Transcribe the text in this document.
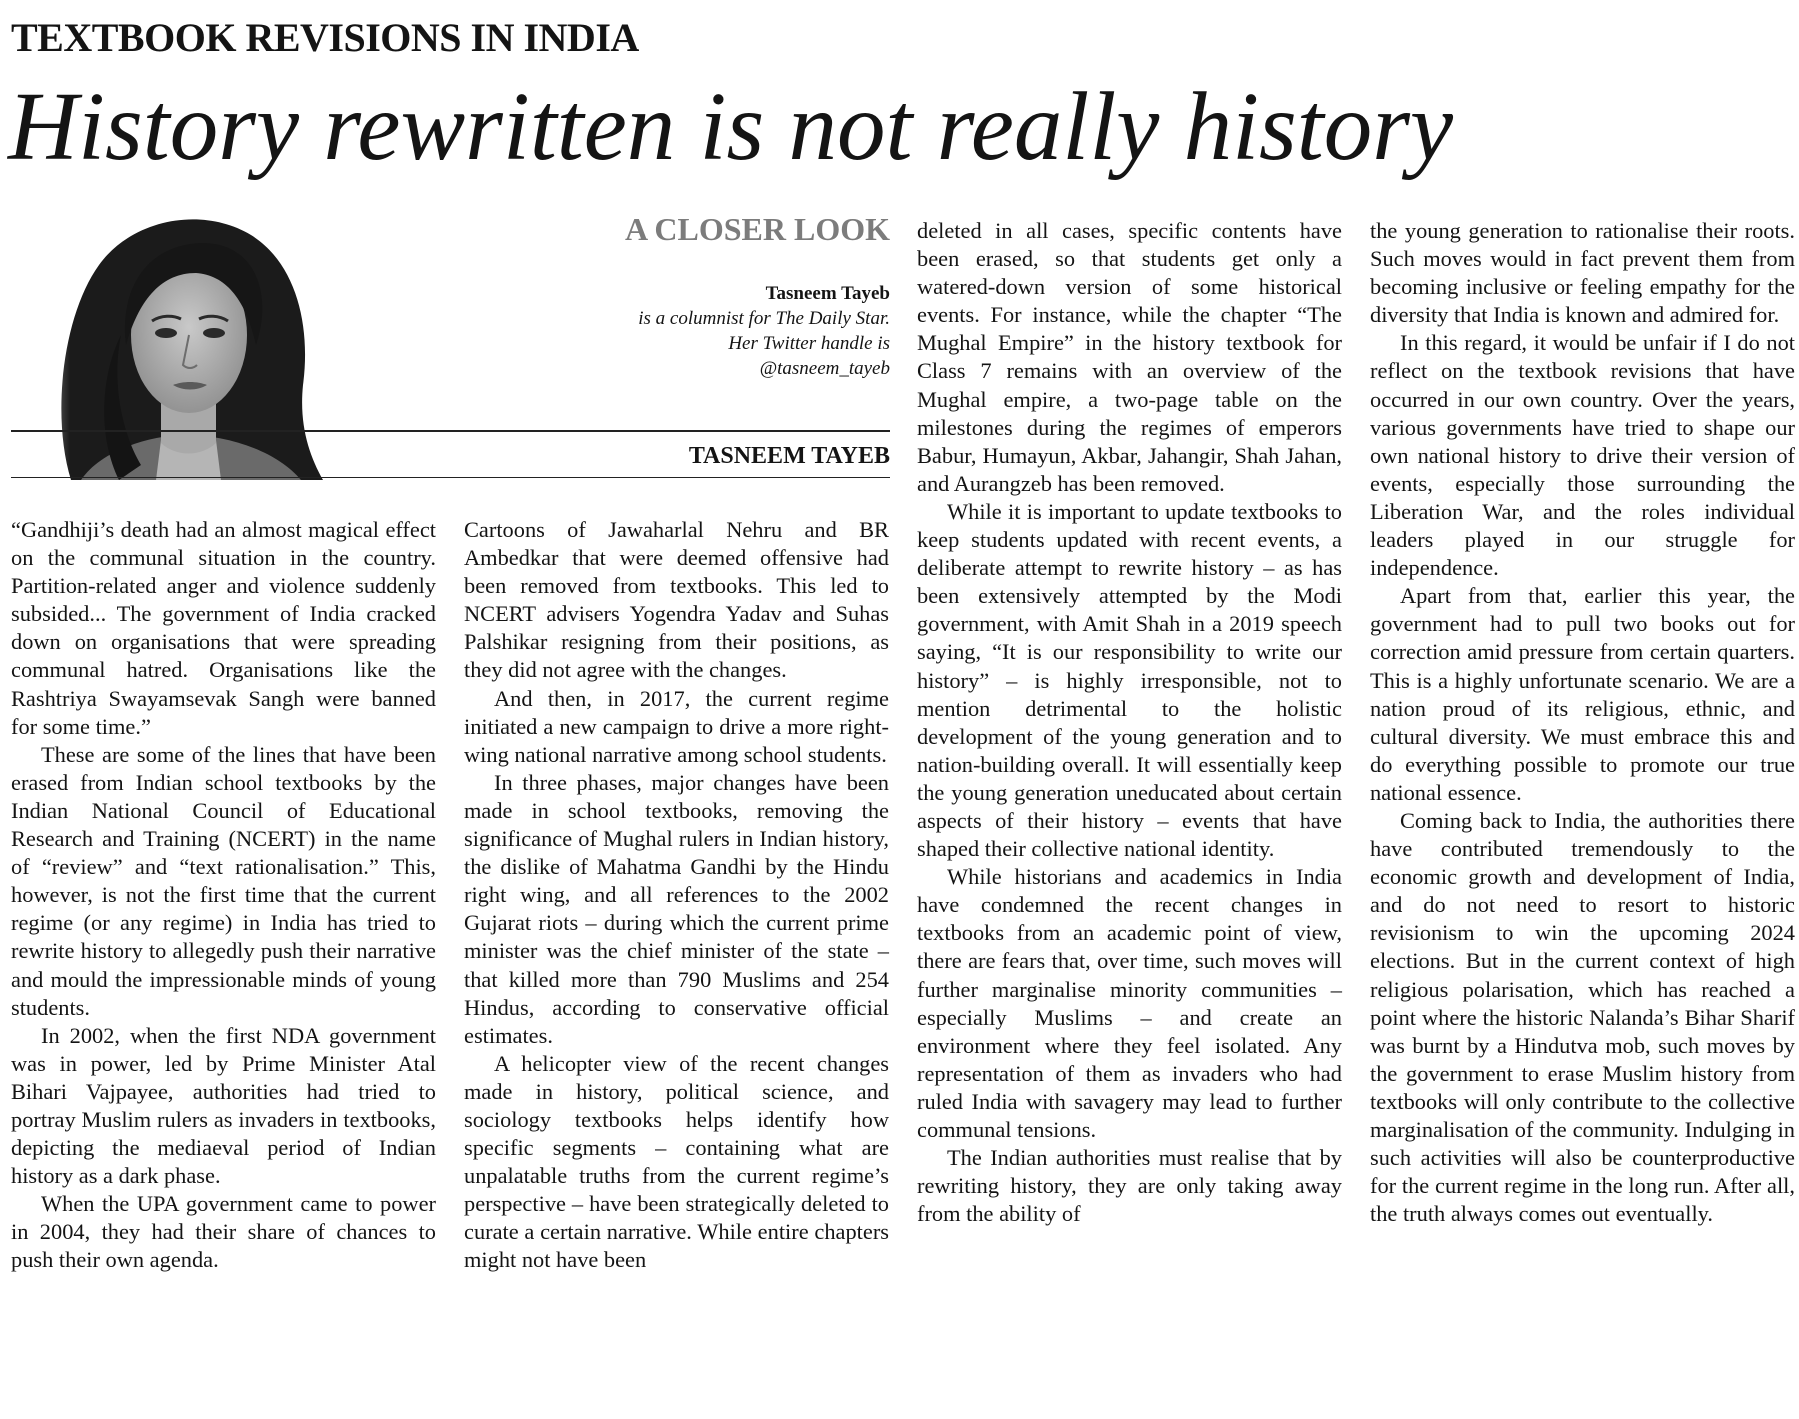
TEXTBOOK REVISIONS IN INDIA
History rewritten is not really history
A CLOSER LOOK
Tasneem Tayeb
is a columnist for The Daily Star.
Her Twitter handle is
@tasneem_tayeb
TASNEEM TAYEB

“Gandhiji’s death had an almost magical effect on the communal situation in the country. Partition-related anger and violence suddenly subsided... The government of India cracked down on organisations that were spreading communal hatred. Organisations like the Rashtriya Swayamsevak Sangh were banned for some time.”

These are some of the lines that have been erased from Indian school textbooks by the Indian National Council of Educational Research and Training (NCERT) in the name of “review” and “text rationalisation.” This, however, is not the first time that the current regime (or any regime) in India has tried to rewrite history to allegedly push their narrative and mould the impressionable minds of young students.

In 2002, when the first NDA government was in power, led by Prime Minister Atal Bihari Vajpayee, authorities had tried to portray Muslim rulers as invaders in textbooks, depicting the mediaeval period of Indian history as a dark phase.

When the UPA government came to power in 2004, they had their share of chances to push their own agenda.

Cartoons of Jawaharlal Nehru and BR Ambedkar that were deemed offensive had been removed from textbooks. This led to NCERT advisers Yogendra Yadav and Suhas Palshikar resigning from their positions, as they did not agree with the changes.

And then, in 2017, the current regime initiated a new campaign to drive a more right-wing national narrative among school students.

In three phases, major changes have been made in school textbooks, removing the significance of Mughal rulers in Indian history, the dislike of Mahatma Gandhi by the Hindu right wing, and all references to the 2002 Gujarat riots – during which the current prime minister was the chief minister of the state – that killed more than 790 Muslims and 254 Hindus, according to conservative official estimates.

A helicopter view of the recent changes made in history, political science, and sociology textbooks helps identify how specific segments – containing what are unpalatable truths from the current regime’s perspective – have been strategically deleted to curate a certain narrative. While entire chapters might not have been

deleted in all cases, specific contents have been erased, so that students get only a watered-down version of some historical events. For instance, while the chapter “The Mughal Empire” in the history textbook for Class 7 remains with an overview of the Mughal empire, a two-page table on the milestones during the regimes of emperors Babur, Humayun, Akbar, Jahangir, Shah Jahan, and Aurangzeb has been removed.

While it is important to update textbooks to keep students updated with recent events, a deliberate attempt to rewrite history – as has been extensively attempted by the Modi government, with Amit Shah in a 2019 speech saying, “It is our responsibility to write our history” – is highly irresponsible, not to mention detrimental to the holistic development of the young generation and to nation-building overall. It will essentially keep the young generation uneducated about certain aspects of their history – events that have shaped their collective national identity.

While historians and academics in India have condemned the recent changes in textbooks from an academic point of view, there are fears that, over time, such moves will further marginalise minority communities – especially Muslims – and create an environment where they feel isolated. Any representation of them as invaders who had ruled India with savagery may lead to further communal tensions.

The Indian authorities must realise that by rewriting history, they are only taking away from the ability of

the young generation to rationalise their roots. Such moves would in fact prevent them from becoming inclusive or feeling empathy for the diversity that India is known and admired for.

In this regard, it would be unfair if I do not reflect on the textbook revisions that have occurred in our own country. Over the years, various governments have tried to shape our own national history to drive their version of events, especially those surrounding the Liberation War, and the roles individual leaders played in our struggle for independence.

Apart from that, earlier this year, the government had to pull two books out for correction amid pressure from certain quarters. This is a highly unfortunate scenario. We are a nation proud of its religious, ethnic, and cultural diversity. We must embrace this and do everything possible to promote our true national essence.

Coming back to India, the authorities there have contributed tremendously to the economic growth and development of India, and do not need to resort to historic revisionism to win the upcoming 2024 elections. But in the current context of high religious polarisation, which has reached a point where the historic Nalanda’s Bihar Sharif was burnt by a Hindutva mob, such moves by the government to erase Muslim history from textbooks will only contribute to the collective marginalisation of the community. Indulging in such activities will also be counterproductive for the current regime in the long run. After all, the truth always comes out eventually.
